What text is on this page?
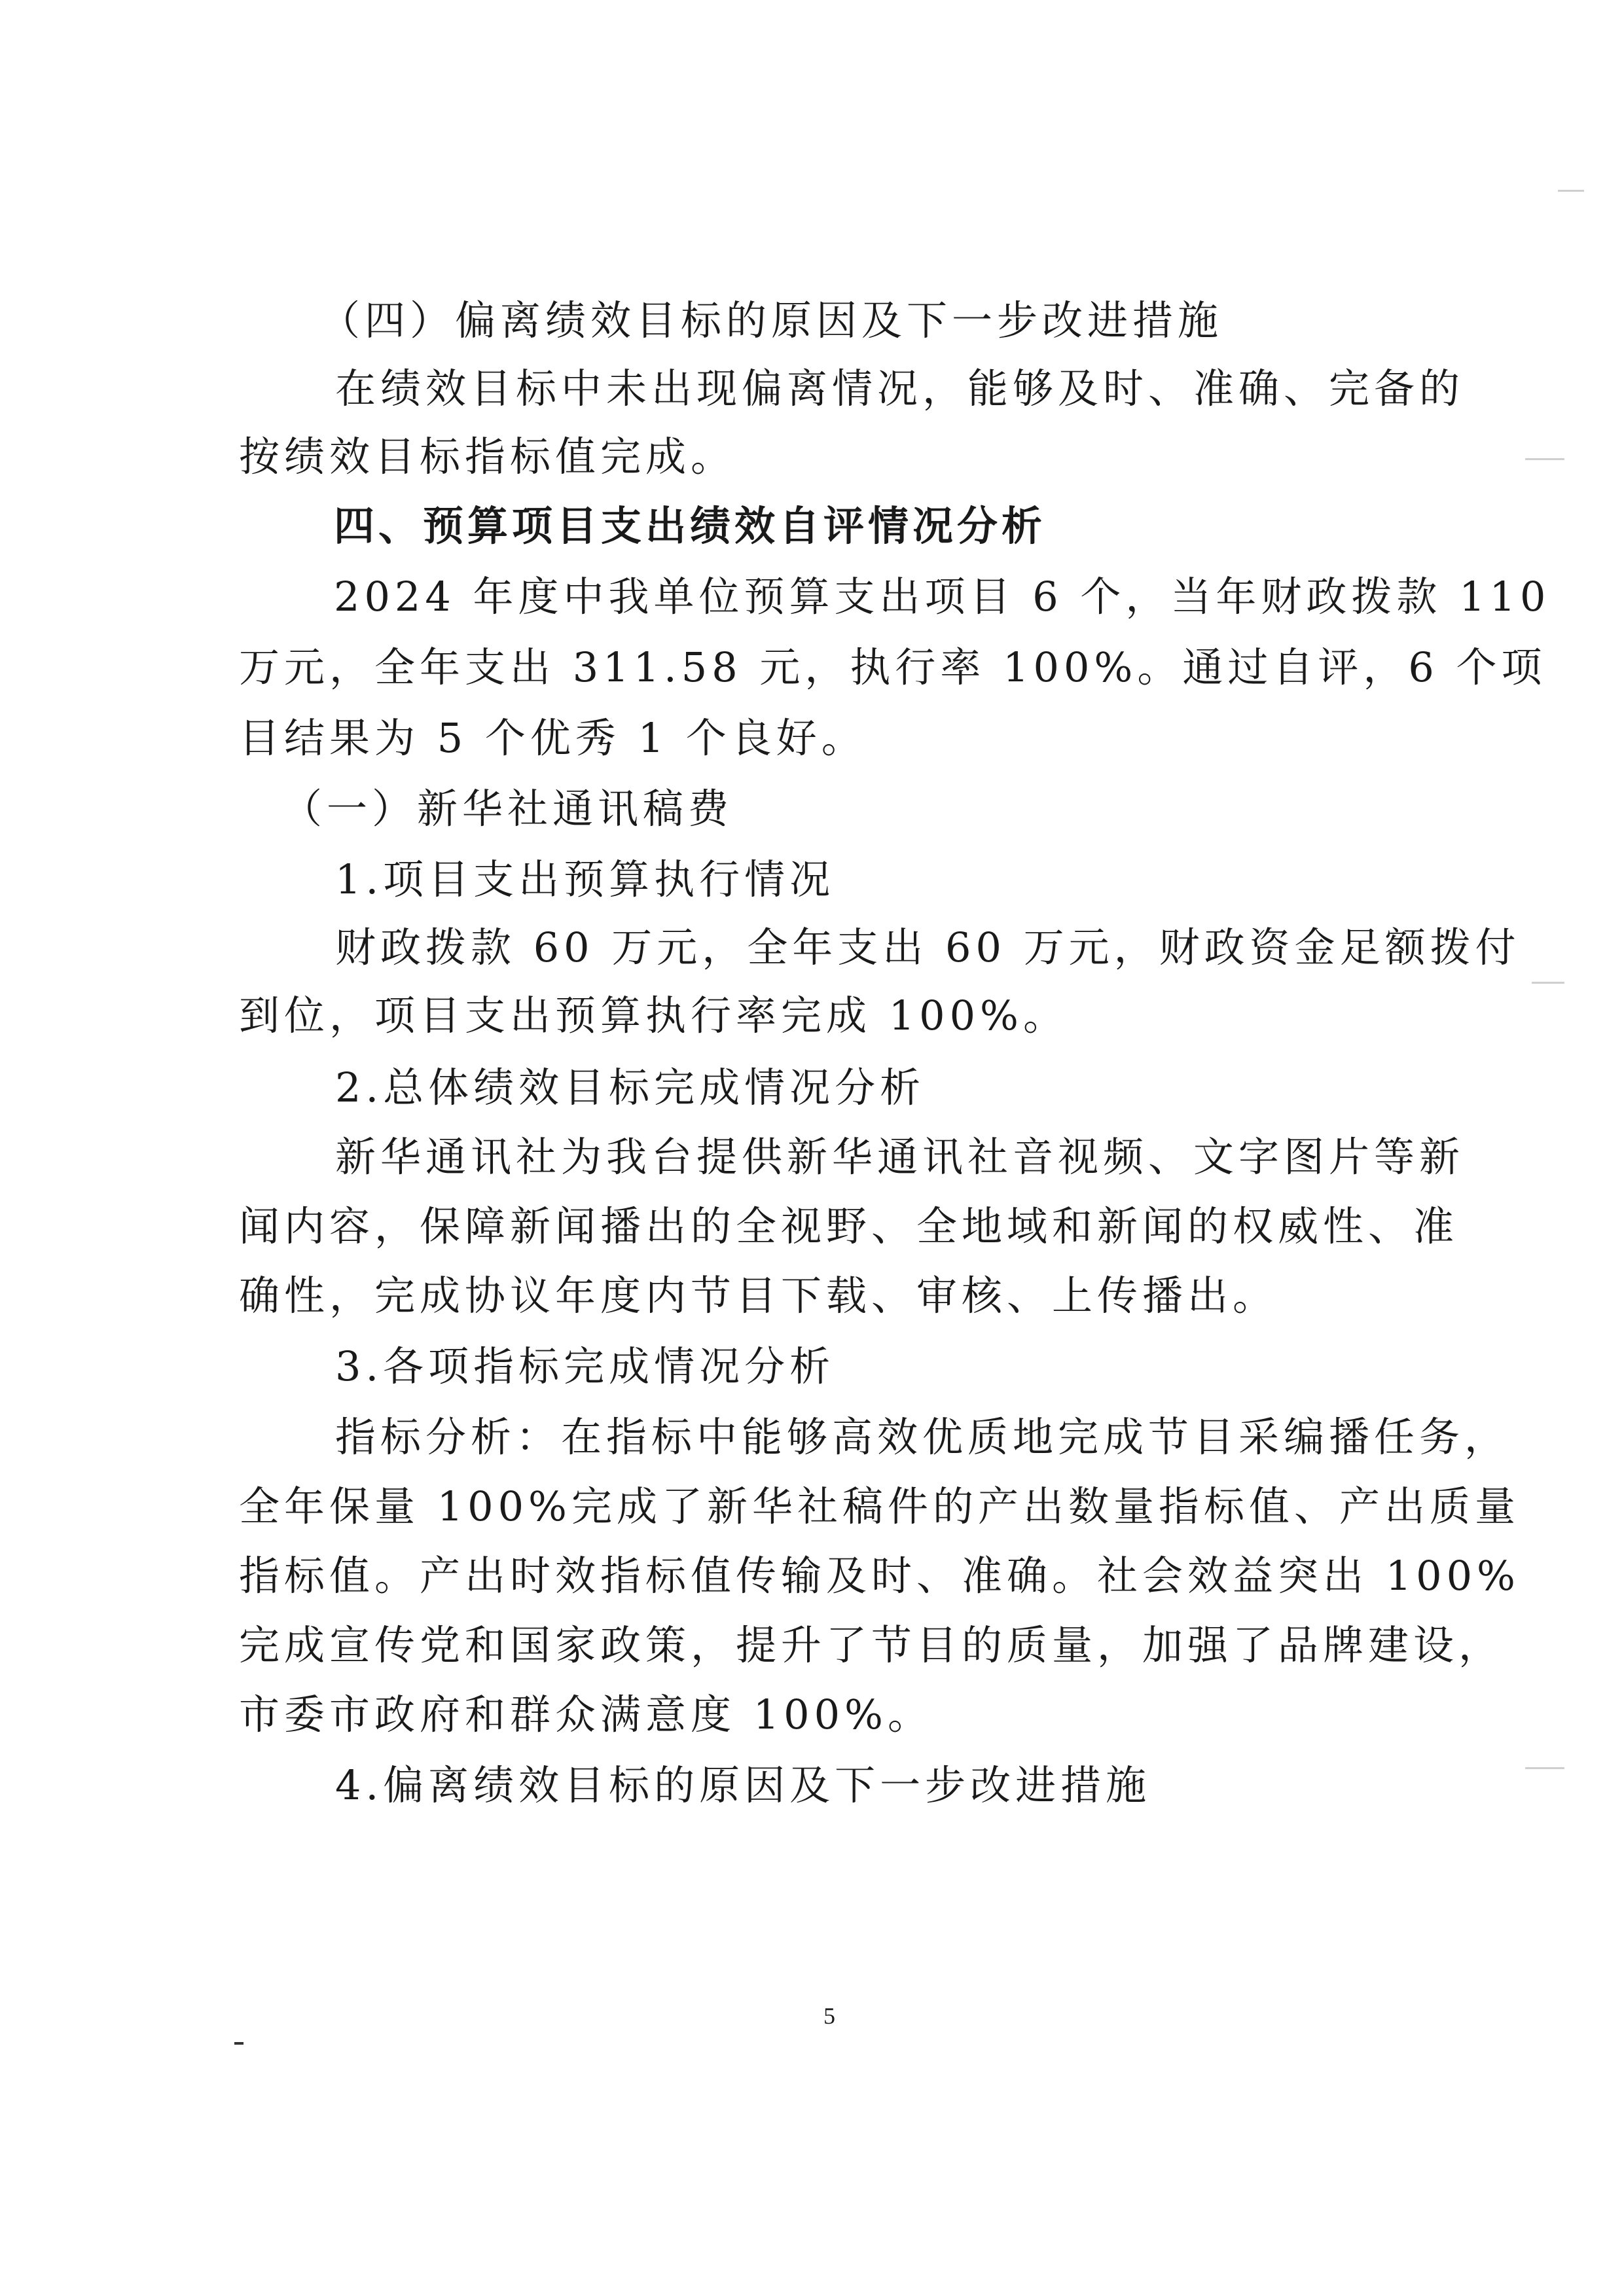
（四）偏离绩效目标的原因及下一步改进措施
在绩效目标中未出现偏离情况，能够及时、准确、完备的
按绩效目标指标值完成。
四、预算项目支出绩效自评情况分析
2024 年度中我单位预算支出项目 6 个，当年财政拨款 110
万元，全年支出 311.58 元，执行率 100%。通过自评，6 个项
目结果为 5 个优秀 1 个良好。
（一）新华社通讯稿费
1.项目支出预算执行情况
财政拨款 60 万元，全年支出 60 万元，财政资金足额拨付
到位，项目支出预算执行率完成 100%。
2.总体绩效目标完成情况分析
新华通讯社为我台提供新华通讯社音视频、文字图片等新
闻内容，保障新闻播出的全视野、全地域和新闻的权威性、准
确性，完成协议年度内节目下载、审核、上传播出。
3.各项指标完成情况分析
指标分析：在指标中能够高效优质地完成节目采编播任务，
全年保量 100%完成了新华社稿件的产出数量指标值、产出质量
指标值。产出时效指标值传输及时、准确。社会效益突出 100%
完成宣传党和国家政策，提升了节目的质量，加强了品牌建设，
市委市政府和群众满意度 100%。
4.偏离绩效目标的原因及下一步改进措施
5
